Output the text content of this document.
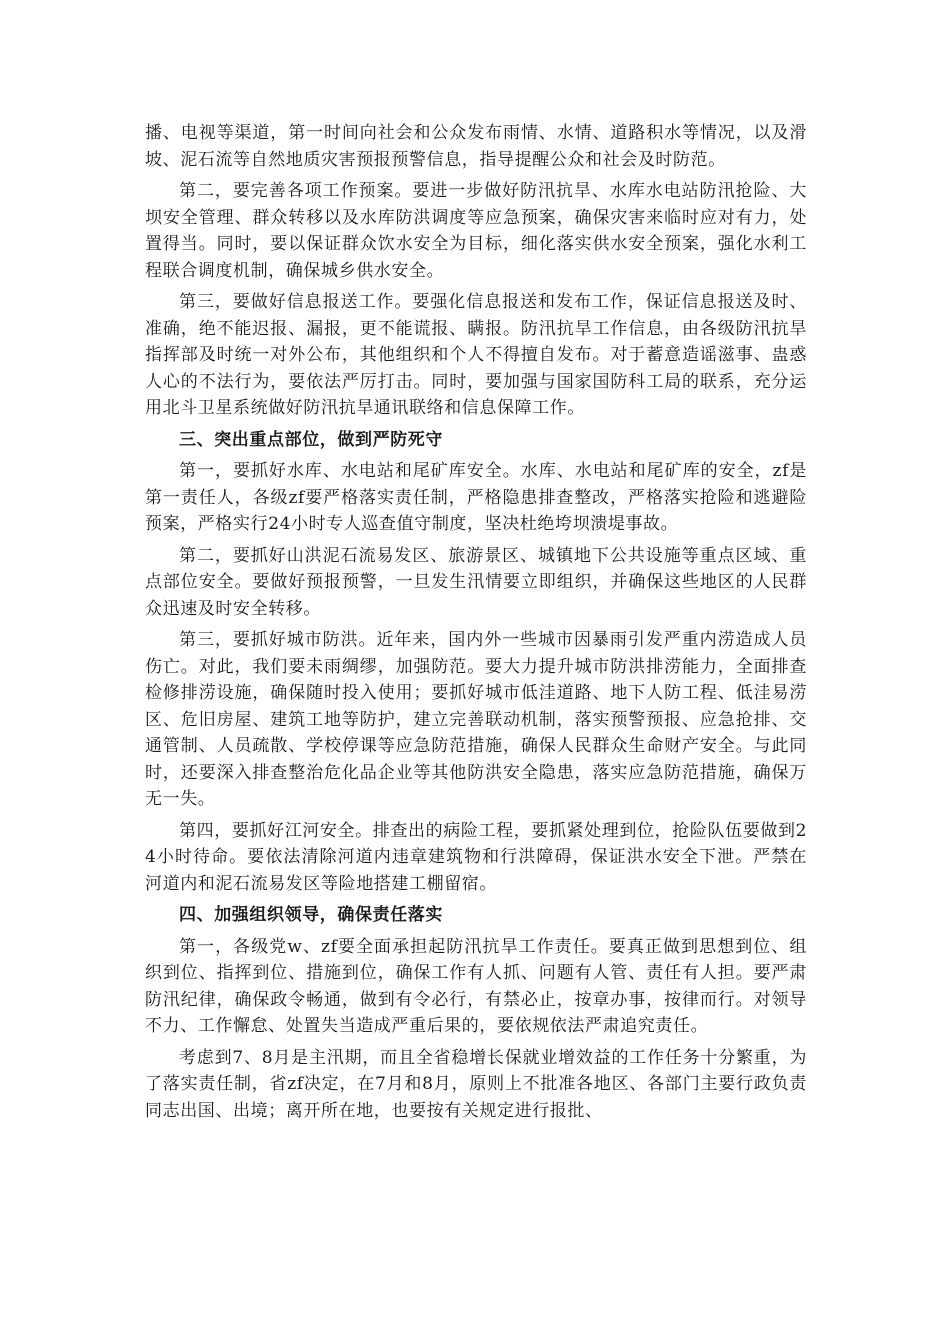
播、电视等渠道，第一时间向社会和公众发布雨情、水情、道路积水等情况，以及滑坡、泥石流等自然地质灾害预报预警信息，指导提醒公众和社会及时防范。

第二，要完善各项工作预案。要进一步做好防汛抗旱、水库水电站防汛抢险、大坝安全管理、群众转移以及水库防洪调度等应急预案，确保灾害来临时应对有力，处置得当。同时，要以保证群众饮水安全为目标，细化落实供水安全预案，强化水利工程联合调度机制，确保城乡供水安全。

第三，要做好信息报送工作。要强化信息报送和发布工作，保证信息报送及时、准确，绝不能迟报、漏报，更不能谎报、瞒报。防汛抗旱工作信息，由各级防汛抗旱指挥部及时统一对外公布，其他组织和个人不得擅自发布。对于蓄意造谣滋事、蛊惑人心的不法行为，要依法严厉打击。同时，要加强与国家国防科工局的联系，充分运用北斗卫星系统做好防汛抗旱通讯联络和信息保障工作。

三、突出重点部位，做到严防死守

第一，要抓好水库、水电站和尾矿库安全。水库、水电站和尾矿库的安全，zf是第一责任人，各级zf要严格落实责任制，严格隐患排查整改，严格落实抢险和逃避险预案，严格实行24小时专人巡查值守制度，坚决杜绝垮坝溃堤事故。

第二，要抓好山洪泥石流易发区、旅游景区、城镇地下公共设施等重点区域、重点部位安全。要做好预报预警，一旦发生汛情要立即组织，并确保这些地区的人民群众迅速及时安全转移。

第三，要抓好城市防洪。近年来，国内外一些城市因暴雨引发严重内涝造成人员伤亡。对此，我们要未雨绸缪，加强防范。要大力提升城市防洪排涝能力，全面排查检修排涝设施，确保随时投入使用；要抓好城市低洼道路、地下人防工程、低洼易涝区、危旧房屋、建筑工地等防护，建立完善联动机制，落实预警预报、应急抢排、交通管制、人员疏散、学校停课等应急防范措施，确保人民群众生命财产安全。与此同时，还要深入排查整治危化品企业等其他防洪安全隐患，落实应急防范措施，确保万无一失。

第四，要抓好江河安全。排查出的病险工程，要抓紧处理到位，抢险队伍要做到24小时待命。要依法清除河道内违章建筑物和行洪障碍，保证洪水安全下泄。严禁在河道内和泥石流易发区等险地搭建工棚留宿。

四、加强组织领导，确保责任落实

第一，各级党w、zf要全面承担起防汛抗旱工作责任。要真正做到思想到位、组织到位、指挥到位、措施到位，确保工作有人抓、问题有人管、责任有人担。要严肃防汛纪律，确保政令畅通，做到有令必行，有禁必止，按章办事，按律而行。对领导不力、工作懈怠、处置失当造成严重后果的，要依规依法严肃追究责任。

考虑到7、8月是主汛期，而且全省稳增长保就业增效益的工作任务十分繁重，为了落实责任制，省zf决定，在7月和8月，原则上不批准各地区、各部门主要行政负责同志出国、出境；离开所在地，也要按有关规定进行报批、
